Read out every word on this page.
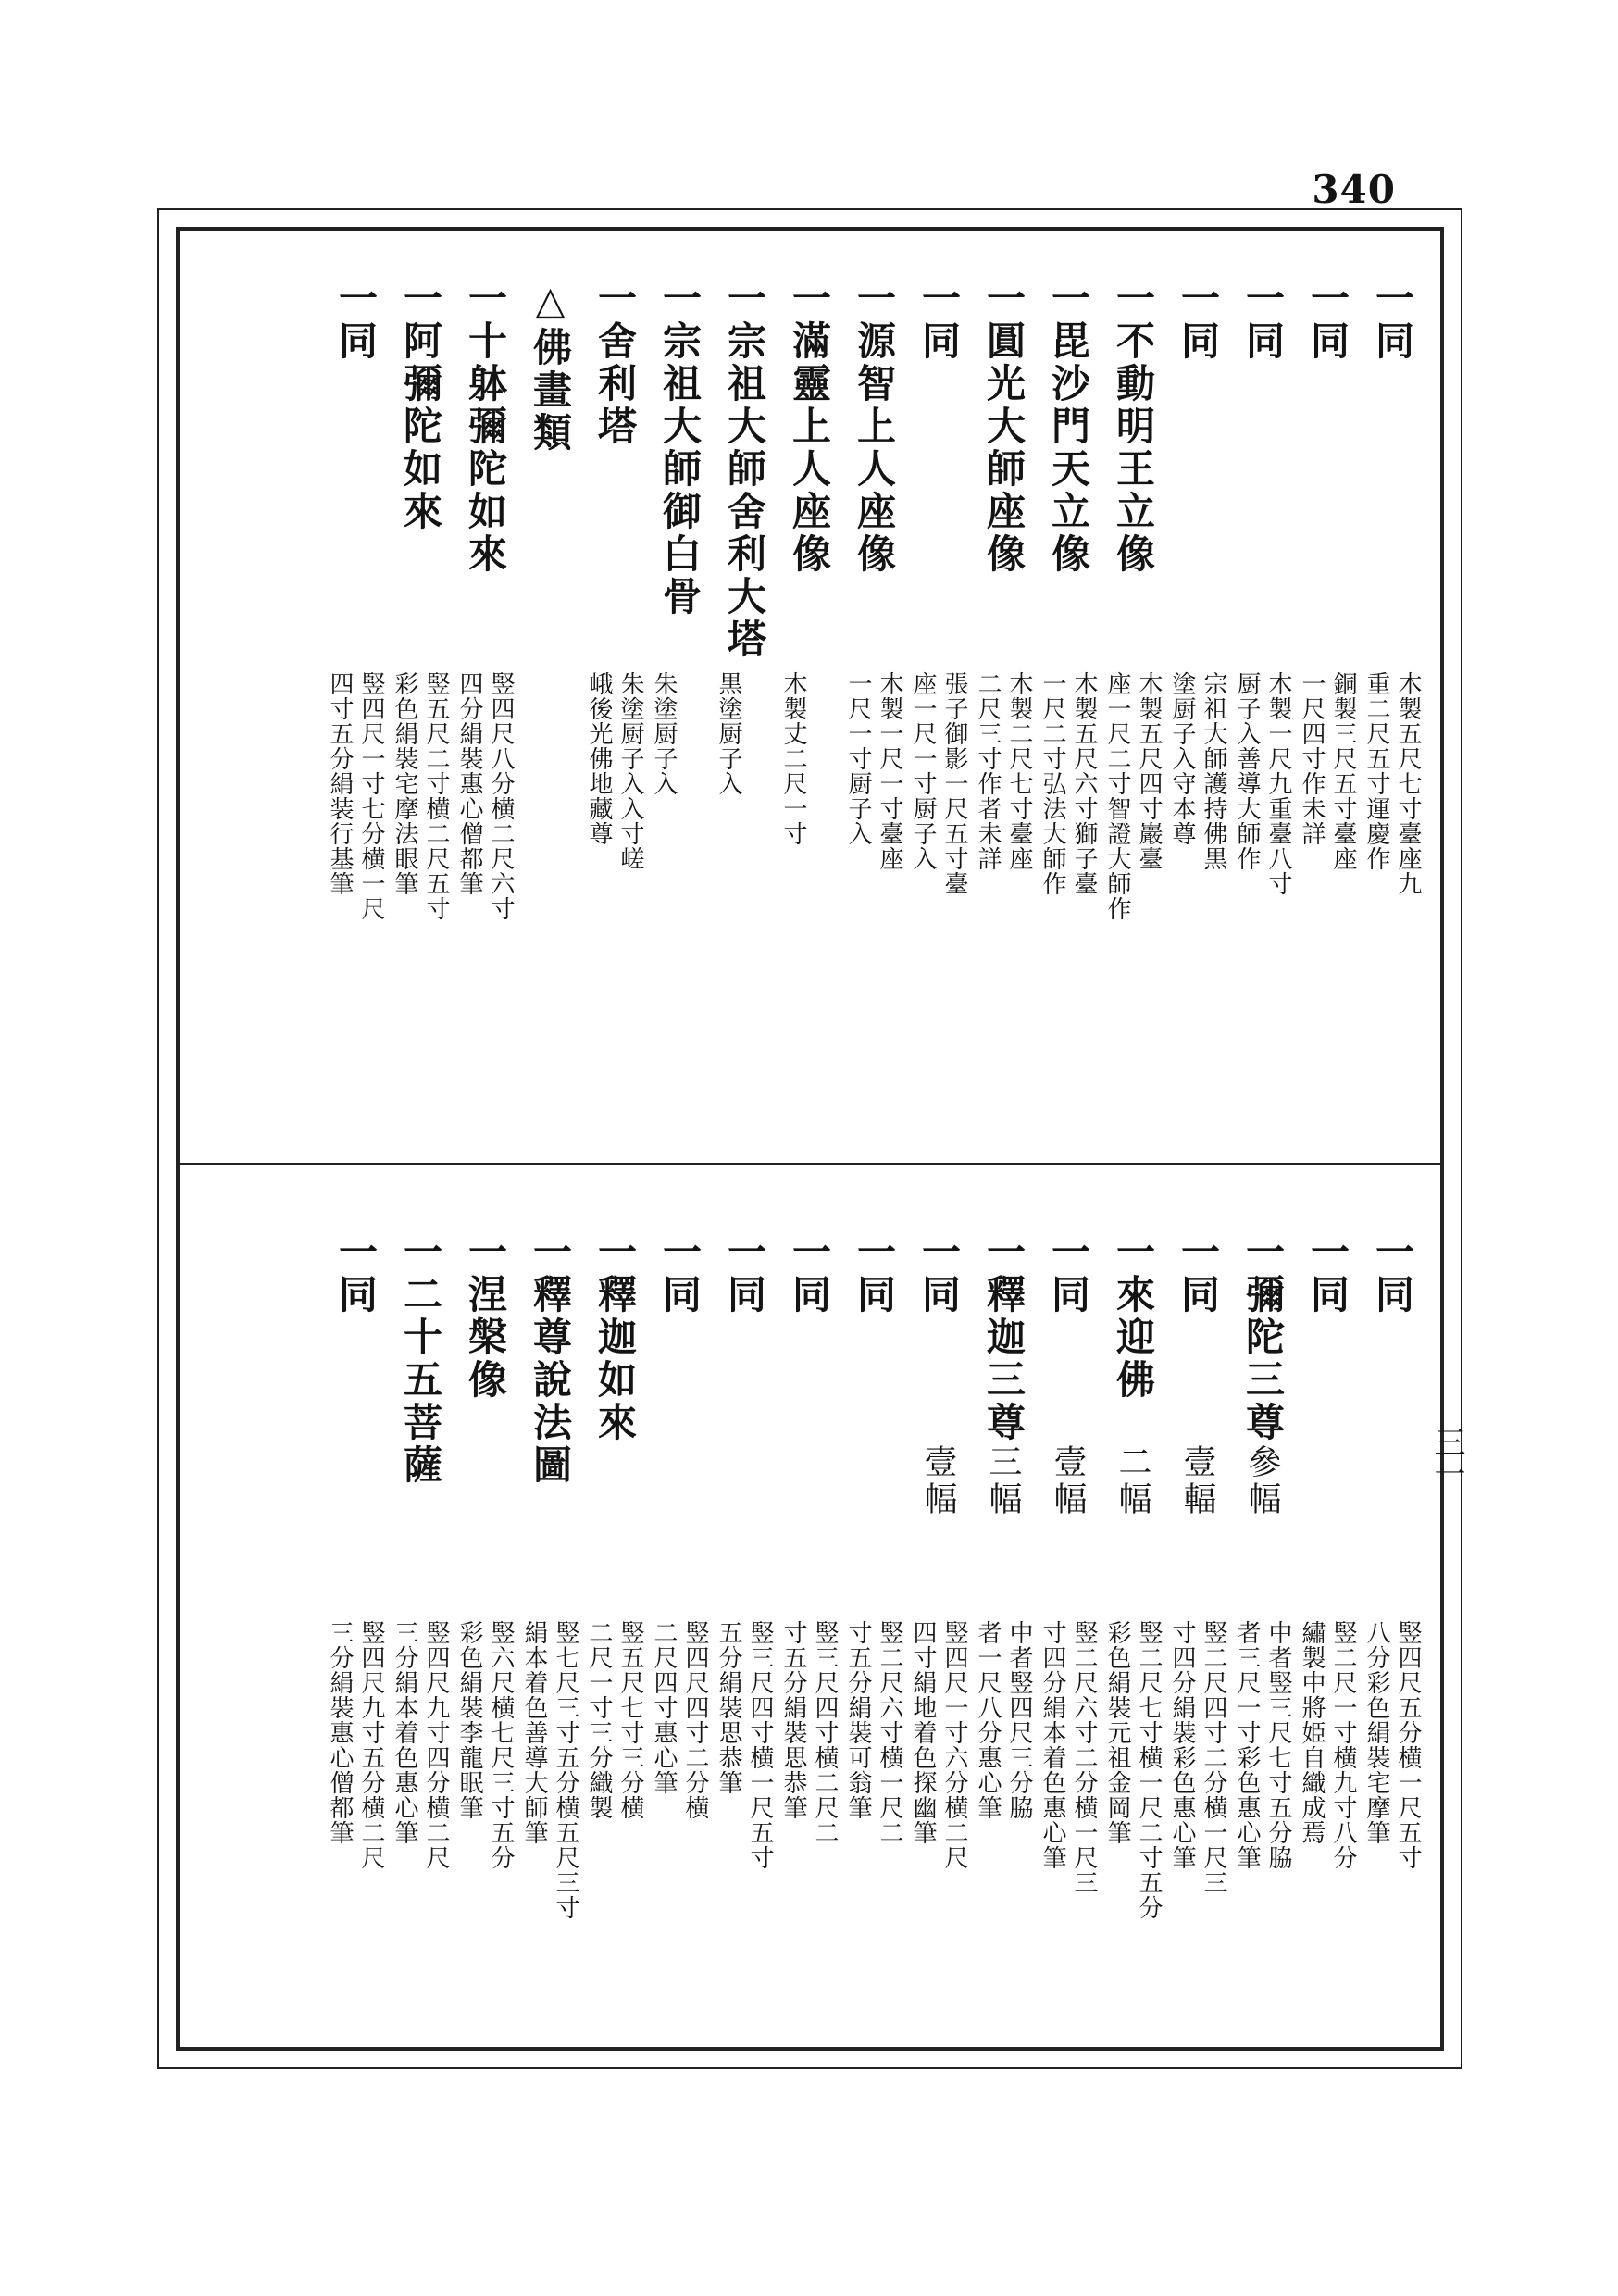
340
三一
一同
木製五尺七寸臺座九
重二尺五寸運慶作
一同
銅製三尺五寸臺座
一尺四寸作未詳
一同
木製一尺九重臺八寸
厨子入善導大師作
一同
宗祖大師護持佛黒
塗厨子入守本尊
一不動明王立像
木製五尺四寸巖臺
座一尺二寸智證大師作
一毘沙門天立像
木製五尺六寸獅子臺
一尺二寸弘法大師作
一圓光大師座像
木製二尺七寸臺座
二尺三寸作者未詳
一同
張子御影一尺五寸臺
座一尺一寸厨子入
一源智上人座像
木製一尺一寸臺座
一尺一寸厨子入
一滿靈上人座像
木製丈二尺一寸
一宗祖大師舍利大塔
黒塗厨子入
一宗祖大師御白骨
朱塗厨子入
一舍利塔
朱塗厨子入入寸嵯
峨後光佛地藏尊
△佛畫類
一十躰彌陀如來
竪四尺八分横二尺六寸
四分絹裝惠心僧都筆
一阿彌陀如來
竪五尺二寸横二尺五寸
彩色絹裝宅摩法眼筆
一同
竪四尺一寸七分横一尺
四寸五分絹装行基筆
一同
竪四尺五分横一尺五寸
八分彩色絹裝宅摩筆
一同
竪二尺一寸横九寸八分
繡製中將姫自織成焉
一彌陀三尊
參幅
中者竪三尺七寸五分脇
者三尺一寸彩色惠心筆
一同
壹輻
竪二尺四寸二分横一尺三
寸四分絹裝彩色惠心筆
一來迎佛
二幅
竪二尺七寸横一尺二寸五分
彩色絹裝元祖金岡筆
一同
壹幅
竪二尺六寸二分横一尺三
寸四分絹本着色惠心筆
一釋迦三尊
三幅
中者竪四尺三分脇
者一尺八分惠心筆
一同
壹幅
竪四尺一寸六分横二尺
四寸絹地着色探幽筆
一同
竪二尺六寸横一尺二
寸五分絹裝可翁筆
一同
竪三尺四寸横二尺二
寸五分絹裝思恭筆
一同
竪三尺四寸横一尺五寸
五分絹裝思恭筆
一同
竪四尺四寸二分横
二尺四寸惠心筆
一釋迦如來
竪五尺七寸三分横
二尺一寸三分織製
一釋尊說法圖
竪七尺三寸五分横五尺三寸
絹本着色善導大師筆
一涅槃像
竪六尺横七尺三寸五分
彩色絹裝李龍眠筆
一二十五菩薩
竪四尺九寸四分横二尺
三分絹本着色惠心筆
一同
竪四尺九寸五分横二尺
三分絹裝惠心僧都筆
